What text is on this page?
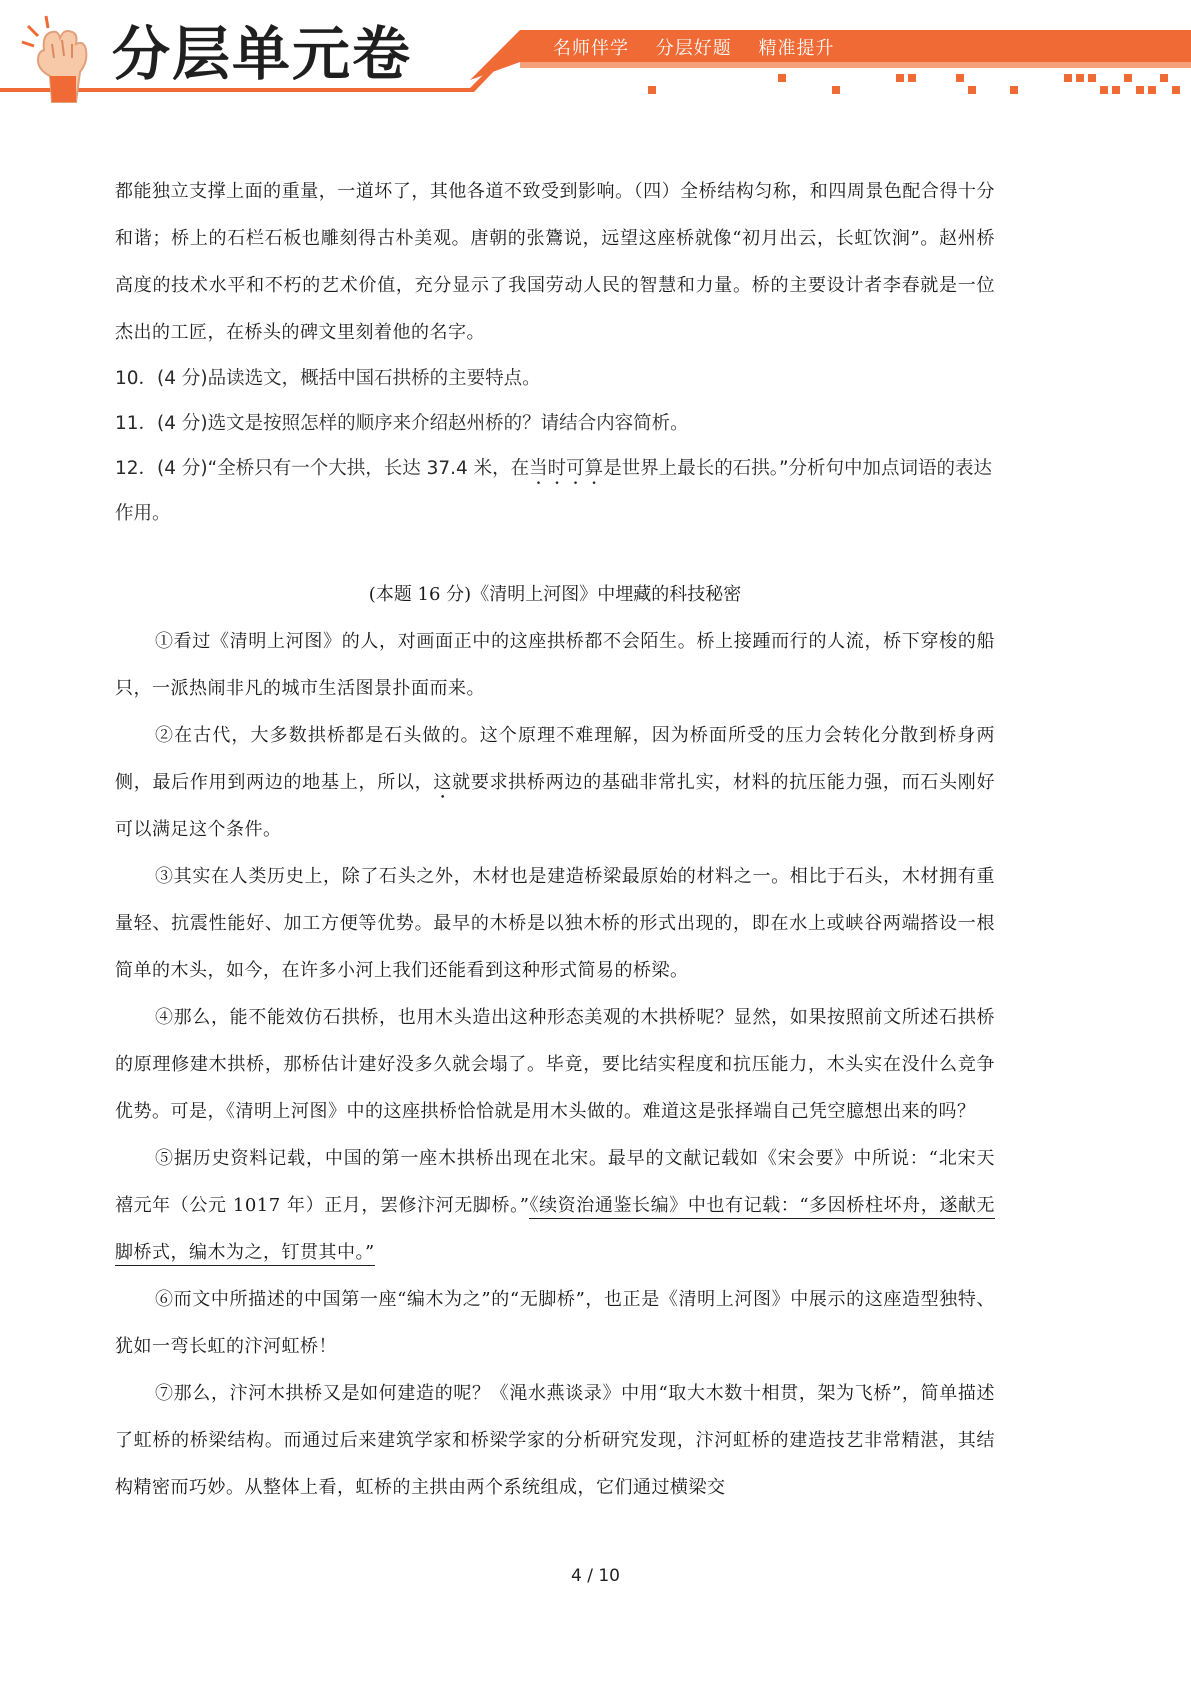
分层单元卷	名师伴学 分层好题 精准提升

都能独立支撑上面的重量，一道坏了，其他各道不致受到影响。（四）全桥结构匀称，和四周景色配合得十分和谐；桥上的石栏石板也雕刻得古朴美观。唐朝的张鷟说，远望这座桥就像“初月出云，长虹饮涧”。赵州桥高度的技术水平和不朽的艺术价值，充分显示了我国劳动人民的智慧和力量。桥的主要设计者李春就是一位杰出的工匠，在桥头的碑文里刻着他的名字。

10．(4 分)品读选文，概括中国石拱桥的主要特点。

11．(4 分)选文是按照怎样的顺序来介绍赵州桥的？请结合内容简析。

12．(4 分)“全桥只有一个大拱，长达 37.4 米，在当时可算是世界上最长的石拱。”分析句中加点词语的表达作用。

(本题 16 分)《清明上河图》中埋藏的科技秘密

①看过《清明上河图》的人，对画面正中的这座拱桥都不会陌生。桥上接踵而行的人流，桥下穿梭的船只，一派热闹非凡的城市生活图景扑面而来。

②在古代，大多数拱桥都是石头做的。这个原理不难理解，因为桥面所受的压力会转化分散到桥身两侧，最后作用到两边的地基上，所以，这就要求拱桥两边的基础非常扎实，材料的抗压能力强，而石头刚好可以满足这个条件。

③其实在人类历史上，除了石头之外，木材也是建造桥梁最原始的材料之一。相比于石头，木材拥有重量轻、抗震性能好、加工方便等优势。最早的木桥是以独木桥的形式出现的，即在水上或峡谷两端搭设一根简单的木头，如今，在许多小河上我们还能看到这种形式简易的桥梁。

④那么，能不能效仿石拱桥，也用木头造出这种形态美观的木拱桥呢？显然，如果按照前文所述石拱桥的原理修建木拱桥，那桥估计建好没多久就会塌了。毕竟，要比结实程度和抗压能力，木头实在没什么竞争优势。可是，《清明上河图》中的这座拱桥恰恰就是用木头做的。难道这是张择端自己凭空臆想出来的吗？

⑤据历史资料记载，中国的第一座木拱桥出现在北宋。最早的文献记载如《宋会要》中所说：“北宋天禧元年（公元 1017 年）正月，罢修汴河无脚桥。”《续资治通鉴长编》中也有记载：“多因桥柱坏舟，遂献无脚桥式，编木为之，钉贯其中。”

⑥而文中所描述的中国第一座“编木为之”的“无脚桥”，也正是《清明上河图》中展示的这座造型独特、犹如一弯长虹的汴河虹桥！

⑦那么，汴河木拱桥又是如何建造的呢？《渑水燕谈录》中用“取大木数十相贯，架为飞桥”，简单描述了虹桥的桥梁结构。而通过后来建筑学家和桥梁学家的分析研究发现，汴河虹桥的建造技艺非常精湛，其结构精密而巧妙。从整体上看，虹桥的主拱由两个系统组成，它们通过横梁交

4 / 10
